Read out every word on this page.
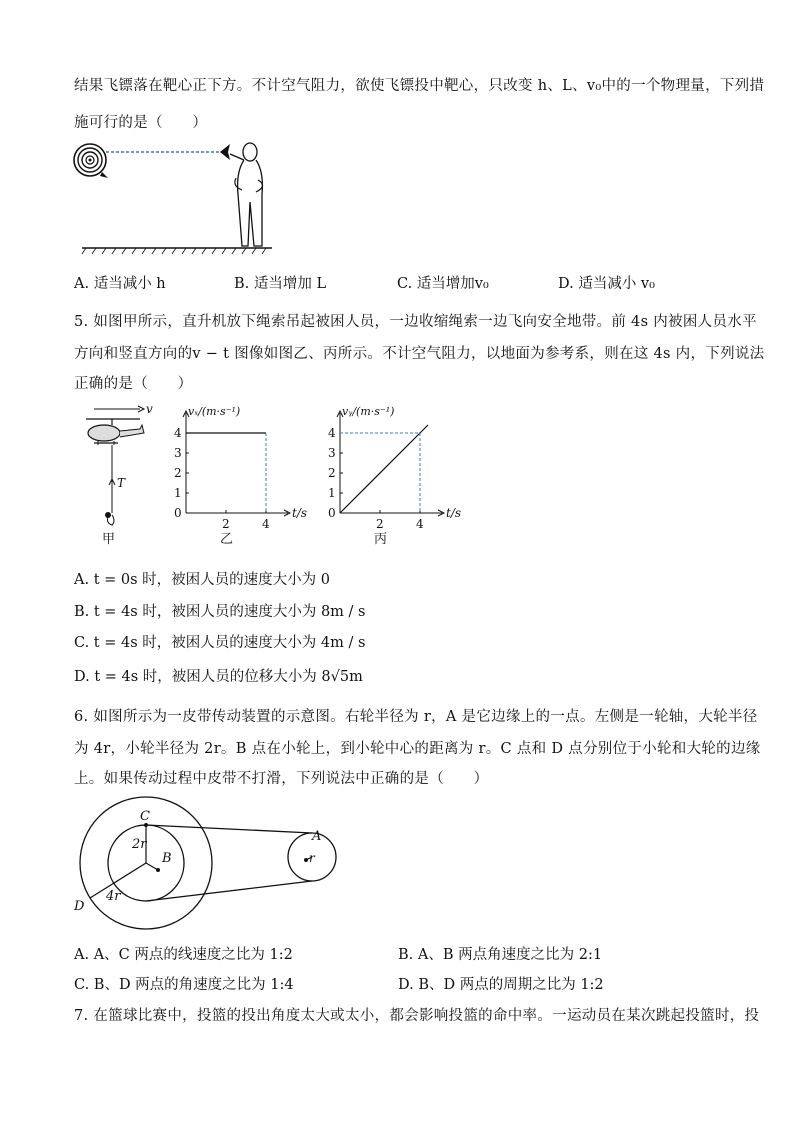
结果飞镖落在靶心正下方。不计空气阻力，欲使飞镖投中靶心，只改变 h、L、v₀中的一个物理量，下列措
施可行的是（　　）
A. 适当减小 h	B. 适当增加 L	C. 适当增加v₀	D. 适当减小 v₀
5. 如图甲所示，直升机放下绳索吊起被困人员，一边收缩绳索一边飞向安全地带。前 4s 内被困人员水平
方向和竖直方向的v − t 图像如图乙、丙所示。不计空气阻力，以地面为参考系，则在这 4s 内，下列说法
正确的是（　　）
v
T
甲
0
1
2
3
4
2	4
vₓ/(m·s⁻¹)
t/s
乙
0
1
2
3
4
2	4
vᵧ/(m·s⁻¹)
t/s
丙
A. t = 0s 时，被困人员的速度大小为 0
B. t = 4s 时，被困人员的速度大小为 8m / s
C. t = 4s 时，被困人员的速度大小为 4m / s
D. t = 4s 时，被困人员的位移大小为 8√5m
6. 如图所示为一皮带传动装置的示意图。右轮半径为 r，A 是它边缘上的一点。左侧是一轮轴，大轮半径
为 4r，小轮半径为 2r。B 点在小轮上，到小轮中心的距离为 r。C 点和 D 点分别位于小轮和大轮的边缘
上。如果传动过程中皮带不打滑，下列说法中正确的是（　　）
C
B
A
D
2r
4r
r
A. A、C 两点的线速度之比为 1:2	B. A、B 两点角速度之比为 2:1
C. B、D 两点的角速度之比为 1:4	D. B、D 两点的周期之比为 1:2
7. 在篮球比赛中，投篮的投出角度太大或太小，都会影响投篮的命中率。一运动员在某次跳起投篮时，投
